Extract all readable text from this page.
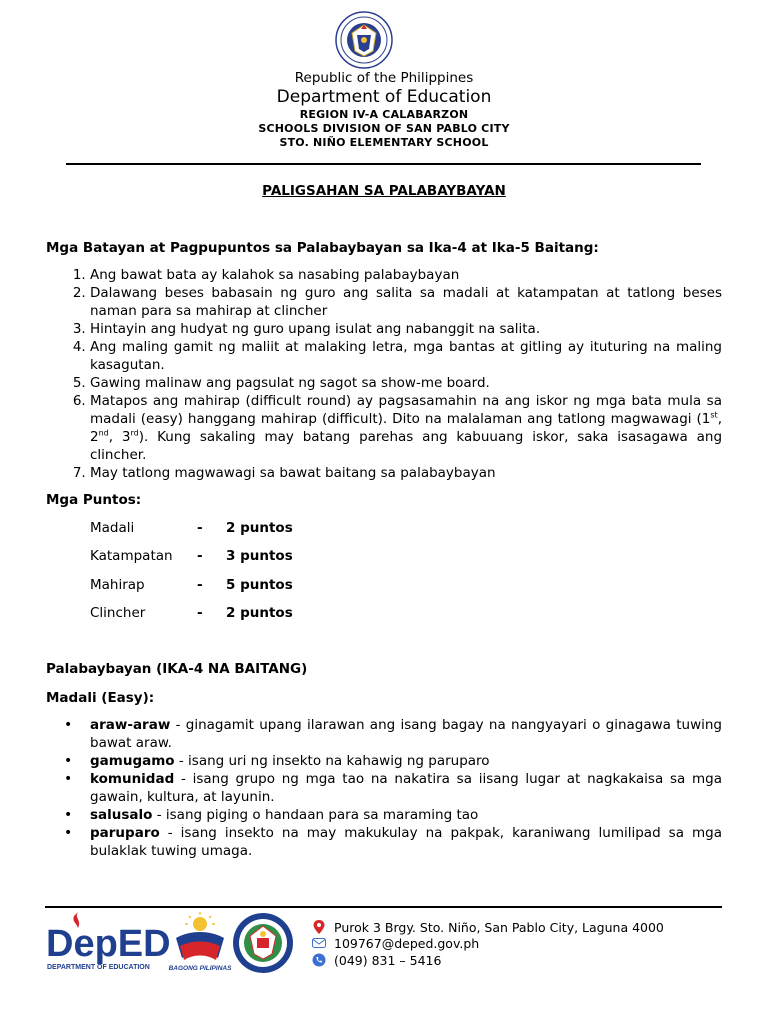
Republic of the Philippines
Department of Education
REGION IV-A CALABARZON
SCHOOLS DIVISION OF SAN PABLO CITY
STO. NIÑO ELEMENTARY SCHOOL
PALIGSAHAN SA PALABAYBAYAN
Mga Batayan at Pagpupuntos sa Palabaybayan sa Ika-4 at Ika-5 Baitang:
1. Ang bawat bata ay kalahok sa nasabing palabaybayan
2. Dalawang beses babasain ng guro ang salita sa madali at katampatan at tatlong beses naman para sa mahirap at clincher
3. Hintayin ang hudyat ng guro upang isulat ang nabanggit na salita.
4. Ang maling gamit ng maliit at malaking letra, mga bantas at gitling ay ituturing na maling kasagutan.
5. Gawing malinaw ang pagsulat ng sagot sa show-me board.
6. Matapos ang mahirap (difficult round) ay pagsasamahin na ang iskor ng mga bata mula sa madali (easy) hanggang mahirap (difficult). Dito na malalaman ang tatlong magwawagi (1st, 2nd, 3rd). Kung sakaling may batang parehas ang kabuuang iskor, saka isasagawa ang clincher.
7. May tatlong magwawagi sa bawat baitang sa palabaybayan
Mga Puntos:
Madali	- 2 puntos
Katampatan - 3 puntos
Mahirap	- 5 puntos
Clincher	- 2 puntos
Palabaybayan (IKA-4 NA BAITANG)
Madali (Easy):
• araw-araw - ginagamit upang ilarawan ang isang bagay na nangyayari o ginagawa tuwing bawat araw.
• gamugamo - isang uri ng insekto na kahawig ng paruparo
• komunidad - isang grupo ng mga tao na nakatira sa iisang lugar at nagkakaisa sa mga gawain, kultura, at layunin.
• salusalo - isang piging o handaan para sa maraming tao
• paruparo - isang insekto na may makukulay na pakpak, karaniwang lumilipad sa mga bulaklak tuwing umaga.
DepED
DEPARTMENT OF EDUCATION	BAGONG PILIPINAS
Purok 3 Brgy. Sto. Niño, San Pablo City, Laguna 4000
109767@deped.gov.ph
(049) 831 – 5416
